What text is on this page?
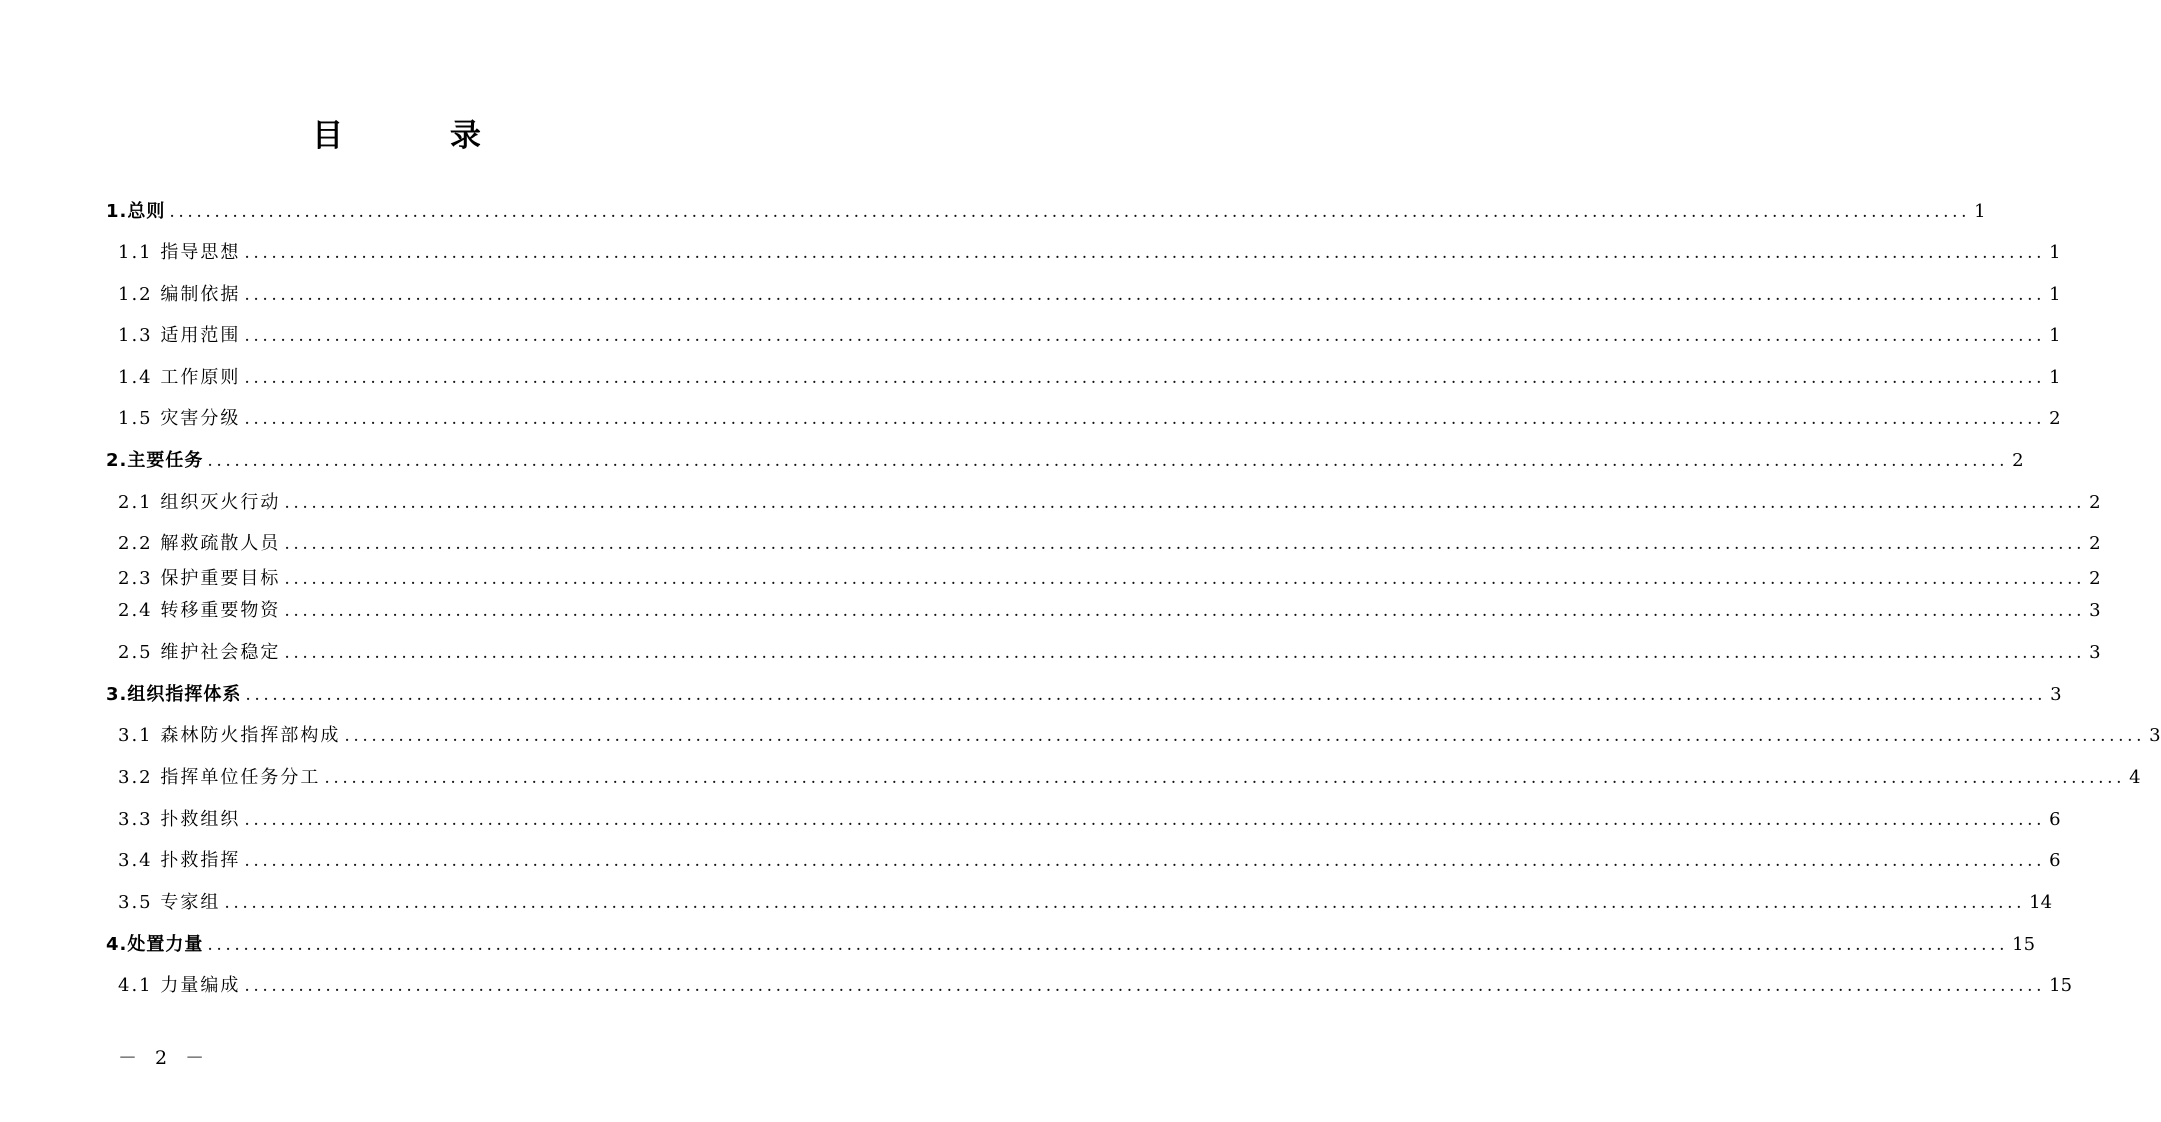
目 录
1.总则 ........................................................................................................................................................................................................ 1
1.1 指导思想 ........................................................................................................................................................................................................ 1
1.2 编制依据 ........................................................................................................................................................................................................ 1
1.3 适用范围 ........................................................................................................................................................................................................ 1
1.4 工作原则 ........................................................................................................................................................................................................ 1
1.5 灾害分级 ........................................................................................................................................................................................................ 2
2.主要任务 ........................................................................................................................................................................................................ 2
2.1 组织灭火行动 ........................................................................................................................................................................................................ 2
2.2 解救疏散人员 ........................................................................................................................................................................................................ 2
2.3 保护重要目标 ........................................................................................................................................................................................................ 2
2.4 转移重要物资 ........................................................................................................................................................................................................ 3
2.5 维护社会稳定 ........................................................................................................................................................................................................ 3
3.组织指挥体系 ........................................................................................................................................................................................................ 3
3.1 森林防火指挥部构成 ........................................................................................................................................................................................................ 3
3.2 指挥单位任务分工 ........................................................................................................................................................................................................ 4
3.3 扑救组织 ........................................................................................................................................................................................................ 6
3.4 扑救指挥 ........................................................................................................................................................................................................ 6
3.5 专家组 ........................................................................................................................................................................................................ 14
4.处置力量 ........................................................................................................................................................................................................ 15
4.1 力量编成 ........................................................................................................................................................................................................ 15
－ 2 －
